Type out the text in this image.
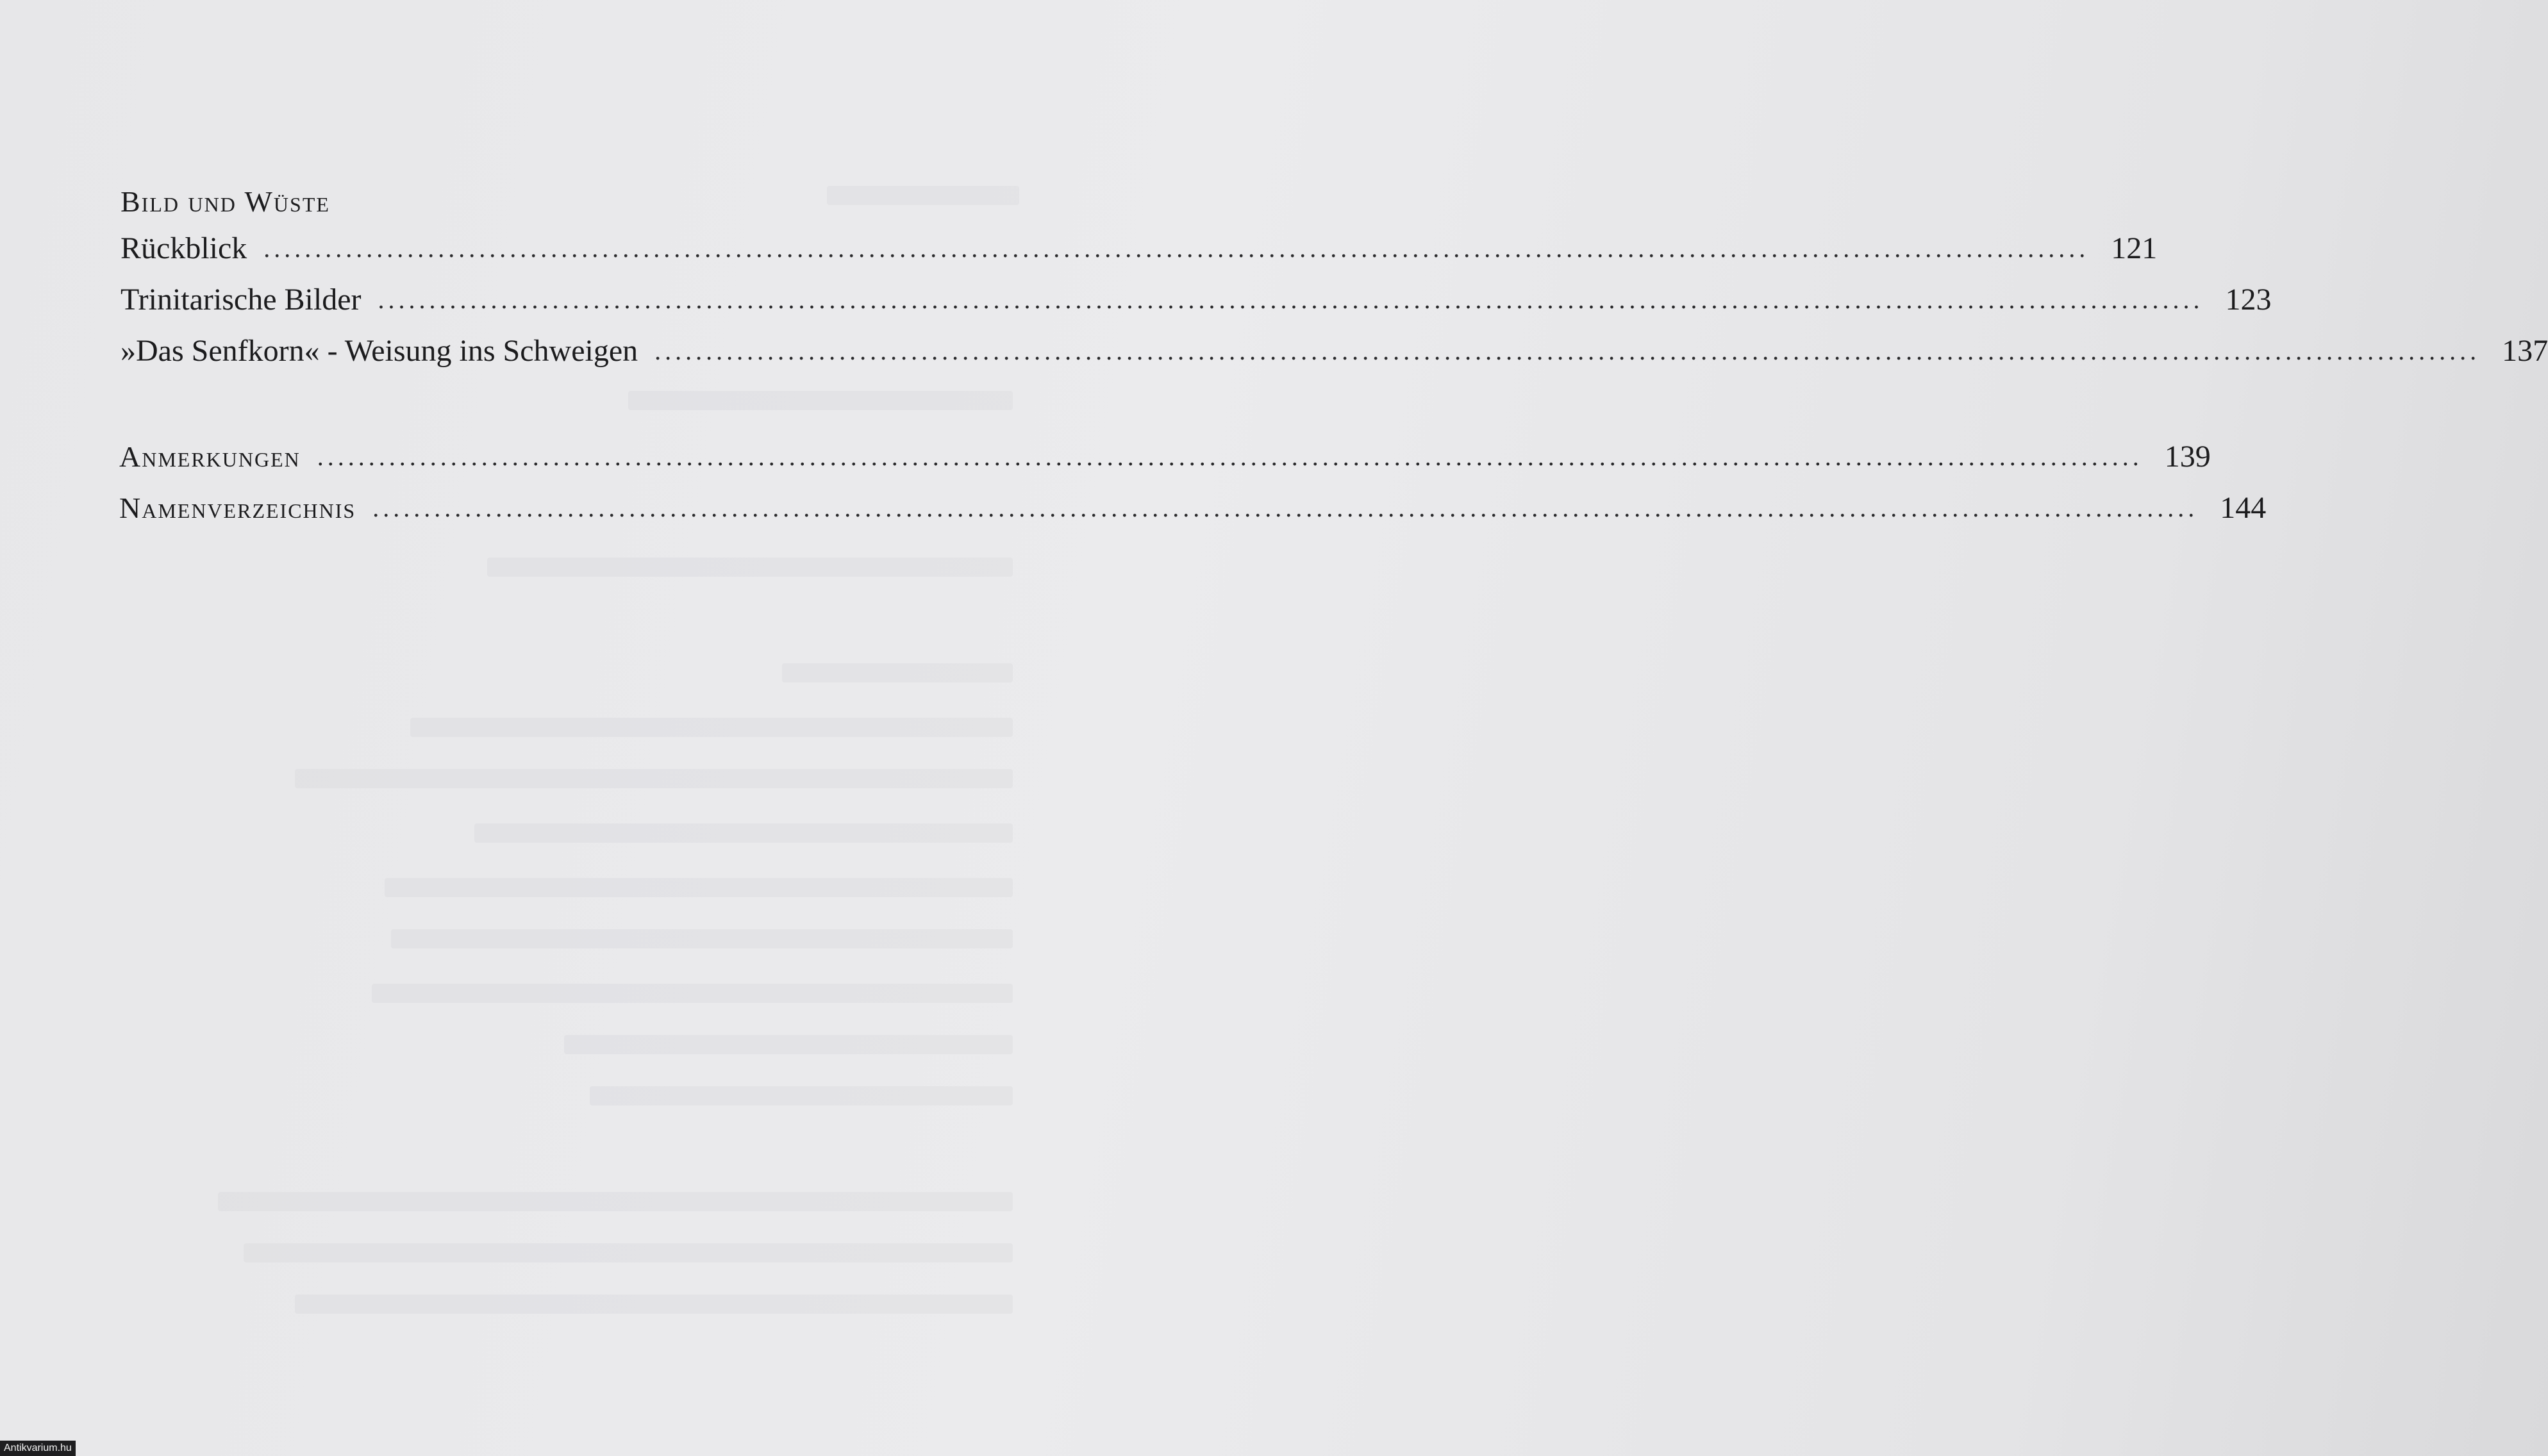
Bild und Wüste
Rückblick .................................................................................................................................................................................. 121
Trinitarische Bilder .................................................................................................................................................................................. 123
»Das Senfkorn« - Weisung ins Schweigen .................................................................................................................................................................................. 137
Anmerkungen .................................................................................................................................................................................. 139
Namenverzeichnis .................................................................................................................................................................................. 144
Antikvarium.hu
